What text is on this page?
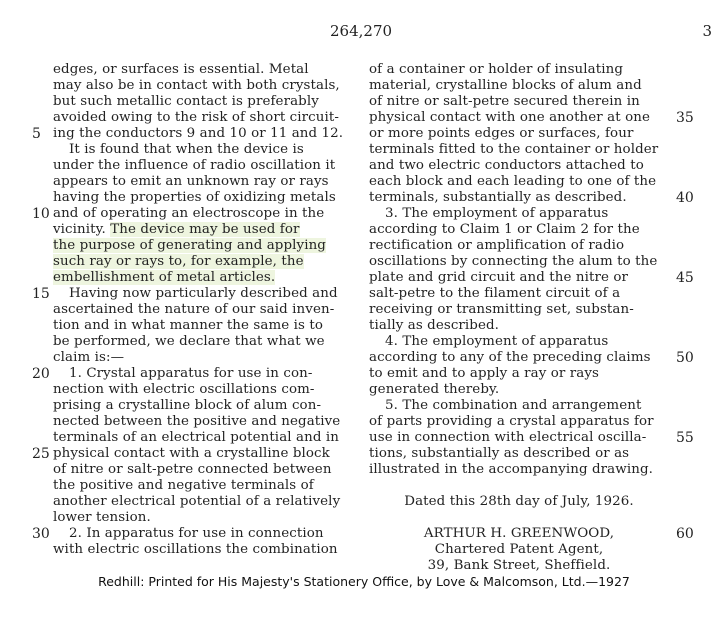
264,270	3
edges, or surfaces is essential. Metal
may also be in contact with both crystals,
but such metallic contact is preferably
avoided owing to the risk of short circuit-
ing the conductors 9 and 10 or 11 and 12.
It is found that when the device is
under the influence of radio oscillation it
appears to emit an unknown ray or rays
having the properties of oxidizing metals
and of operating an electroscope in the
vicinity. The device may be used for
the purpose of generating and applying
such ray or rays to, for example, the
embellishment of metal articles.
Having now particularly described and
ascertained the nature of our said inven-
tion and in what manner the same is to
be performed, we declare that what we
claim is:—
1. Crystal apparatus for use in con-
nection with electric oscillations com-
prising a crystalline block of alum con-
nected between the positive and negative
terminals of an electrical potential and in
physical contact with a crystalline block
of nitre or salt-petre connected between
the positive and negative terminals of
another electrical potential of a relatively
lower tension.
2. In apparatus for use in connection
with electric oscillations the combination
5
10
15
20
25
30
of a container or holder of insulating
material, crystalline blocks of alum and
of nitre or salt-petre secured therein in
physical contact with one another at one
or more points edges or surfaces, four
terminals fitted to the container or holder
and two electric conductors attached to
each block and each leading to one of the
terminals, substantially as described.
3. The employment of apparatus
according to Claim 1 or Claim 2 for the
rectification or amplification of radio
oscillations by connecting the alum to the
plate and grid circuit and the nitre or
salt-petre to the filament circuit of a
receiving or transmitting set, substan-
tially as described.
4. The employment of apparatus
according to any of the preceding claims
to emit and to apply a ray or rays
generated thereby.
5. The combination and arrangement
of parts providing a crystal apparatus for
use in connection with electrical oscilla-
tions, substantially as described or as
illustrated in the accompanying drawing.
Dated this 28th day of July, 1926.
ARTHUR H. GREENWOOD,
Chartered Patent Agent,
39, Bank Street, Sheffield.
35
40
45
50
55
60
Redhill: Printed for His Majesty's Stationery Office, by Love & Malcomson, Ltd.—1927
